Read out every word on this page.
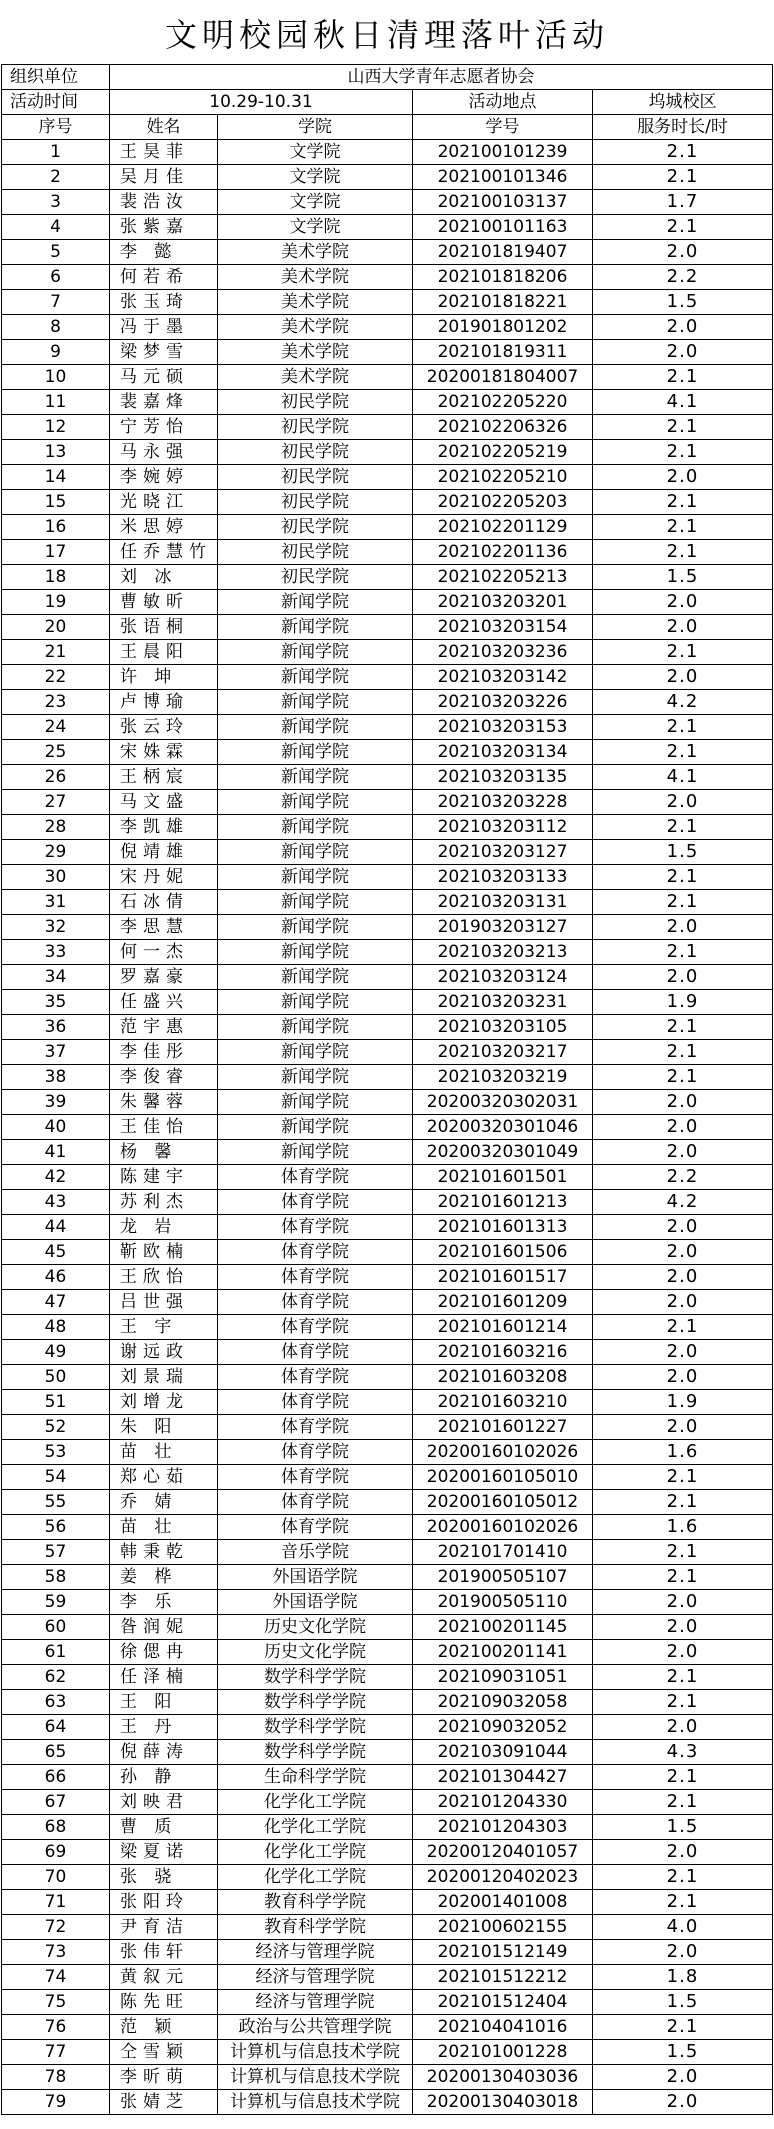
文明校园秋日清理落叶活动
组织单位	山西大学青年志愿者协会			
活动时间	10.29-10.31		活动地点	坞城校区
序号	姓名	学院	学号	服务时长/时
1	王昊菲	文学院	202100101239	2.1
2	吴月佳	文学院	202100101346	2.1
3	裴浩汝	文学院	202100103137	1.7
4	张紫嘉	文学院	202100101163	2.1
5	李 懿	美术学院	202101819407	2.0
6	何若希	美术学院	202101818206	2.2
7	张玉琦	美术学院	202101818221	1.5
8	冯于墨	美术学院	201901801202	2.0
9	梁梦雪	美术学院	202101819311	2.0
10	马元硕	美术学院	20200181804007	2.1
11	裴嘉烽	初民学院	202102205220	4.1
12	宁芳怡	初民学院	202102206326	2.1
13	马永强	初民学院	202102205219	2.1
14	李婉婷	初民学院	202102205210	2.0
15	光晓江	初民学院	202102205203	2.1
16	米思婷	初民学院	202102201129	2.1
17	任乔慧竹	初民学院	202102201136	2.1
18	刘 冰	初民学院	202102205213	1.5
19	曹敏昕	新闻学院	202103203201	2.0
20	张语桐	新闻学院	202103203154	2.0
21	王晨阳	新闻学院	202103203236	2.1
22	许 坤	新闻学院	202103203142	2.0
23	卢博瑜	新闻学院	202103203226	4.2
24	张云玲	新闻学院	202103203153	2.1
25	宋姝霖	新闻学院	202103203134	2.1
26	王柄宸	新闻学院	202103203135	4.1
27	马文盛	新闻学院	202103203228	2.0
28	李凯雄	新闻学院	202103203112	2.1
29	倪靖雄	新闻学院	202103203127	1.5
30	宋丹妮	新闻学院	202103203133	2.1
31	石冰倩	新闻学院	202103203131	2.1
32	李思慧	新闻学院	201903203127	2.0
33	何一杰	新闻学院	202103203213	2.1
34	罗嘉豪	新闻学院	202103203124	2.0
35	任盛兴	新闻学院	202103203231	1.9
36	范宇惠	新闻学院	202103203105	2.1
37	李佳彤	新闻学院	202103203217	2.1
38	李俊睿	新闻学院	202103203219	2.1
39	朱馨蓉	新闻学院	20200320302031	2.0
40	王佳怡	新闻学院	20200320301046	2.0
41	杨 馨	新闻学院	20200320301049	2.0
42	陈建宇	体育学院	202101601501	2.2
43	苏利杰	体育学院	202101601213	4.2
44	龙 岩	体育学院	202101601313	2.0
45	靳欧楠	体育学院	202101601506	2.0
46	王欣怡	体育学院	202101601517	2.0
47	吕世强	体育学院	202101601209	2.0
48	王 宇	体育学院	202101601214	2.1
49	谢远政	体育学院	202101603216	2.0
50	刘景瑞	体育学院	202101603208	2.0
51	刘增龙	体育学院	202101603210	1.9
52	朱 阳	体育学院	202101601227	2.0
53	苗 壮	体育学院	20200160102026	1.6
54	郑心茹	体育学院	20200160105010	2.1
55	乔 婧	体育学院	20200160105012	2.1
56	苗 壮	体育学院	20200160102026	1.6
57	韩秉乾	音乐学院	202101701410	2.1
58	姜 桦	外国语学院	201900505107	2.1
59	李 乐	外国语学院	201900505110	2.0
60	昝润妮	历史文化学院	202100201145	2.0
61	徐偲冉	历史文化学院	202100201141	2.0
62	任泽楠	数学科学学院	202109031051	2.1
63	王 阳	数学科学学院	202109032058	2.1
64	王 丹	数学科学学院	202109032052	2.0
65	倪薛涛	数学科学学院	202103091044	4.3
66	孙 静	生命科学学院	202101304427	2.1
67	刘映君	化学化工学院	202101204330	2.1
68	曹 质	化学化工学院	202101204303	1.5
69	梁夏诺	化学化工学院	20200120401057	2.0
70	张 骁	化学化工学院	20200120402023	2.1
71	张阳玲	教育科学学院	202001401008	2.1
72	尹育洁	教育科学学院	202100602155	4.0
73	张伟轩	经济与管理学院	202101512149	2.0
74	黄叙元	经济与管理学院	202101512212	1.8
75	陈先旺	经济与管理学院	202101512404	1.5
76	范 颖	政治与公共管理学院	202104041016	2.1
77	仝雪颖	计算机与信息技术学院	202101001228	1.5
78	李昕萌	计算机与信息技术学院	20200130403036	2.0
79	张婧芝	计算机与信息技术学院	20200130403018	2.0
